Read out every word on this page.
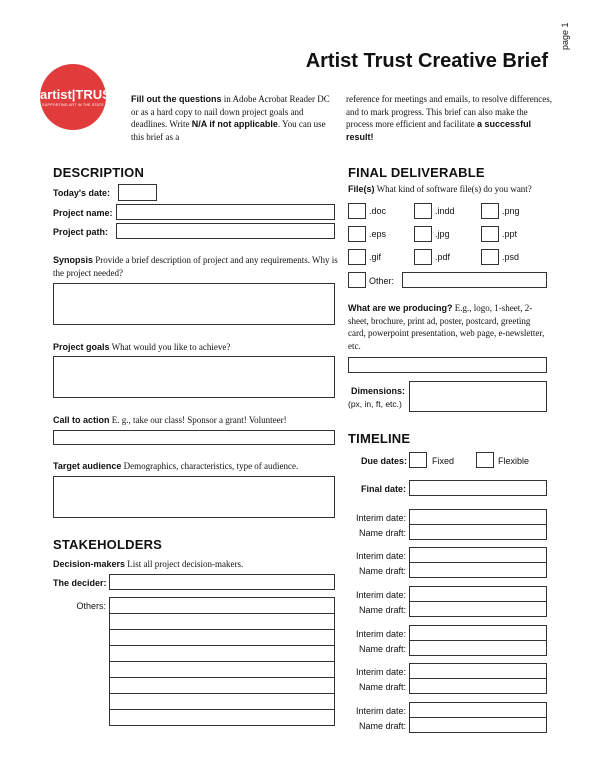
page 1
Artist Trust Creative Brief
artist|TRUST
SUPPORTING ART IN THE STATE
Fill out the questions in Adobe Acrobat Reader DC or as a hard copy to nail down project goals and deadlines. Write N/A if not applicable. You can use this brief as a
reference for meetings and emails, to resolve differences, and to mark progress. This brief can also make the process more efficient and facilitate a successful result!
DESCRIPTION
Today's date:
Project name:
Project path:
Synopsis Provide a brief description of project and any requirements. Why is the project needed?
Project goals What would you like to achieve?
Call to action E. g., take our class! Sponsor a grant! Volunteer!
Target audience Demographics, characteristics, type of audience.
STAKEHOLDERS
Decision-makers List all project decision-makers.
The decider:
Others:
FINAL DELIVERABLE
File(s) What kind of software file(s) do you want?
.doc	.indd	.png
.eps	.jpg	.ppt
.gif	.pdf	.psd
Other:
What are we producing? E.g., logo, 1-sheet, 2-sheet, brochure, print ad, poster, postcard, greeting card, powerpoint presentation, web page, e-newsletter, etc.
Dimensions:
(px, in, ft, etc.)
TIMELINE
Due dates:	Fixed	Flexible
Final date:
Interim date:
Name draft:
Interim date:
Name draft:
Interim date:
Name draft:
Interim date:
Name draft:
Interim date:
Name draft:
Interim date:
Name draft:
